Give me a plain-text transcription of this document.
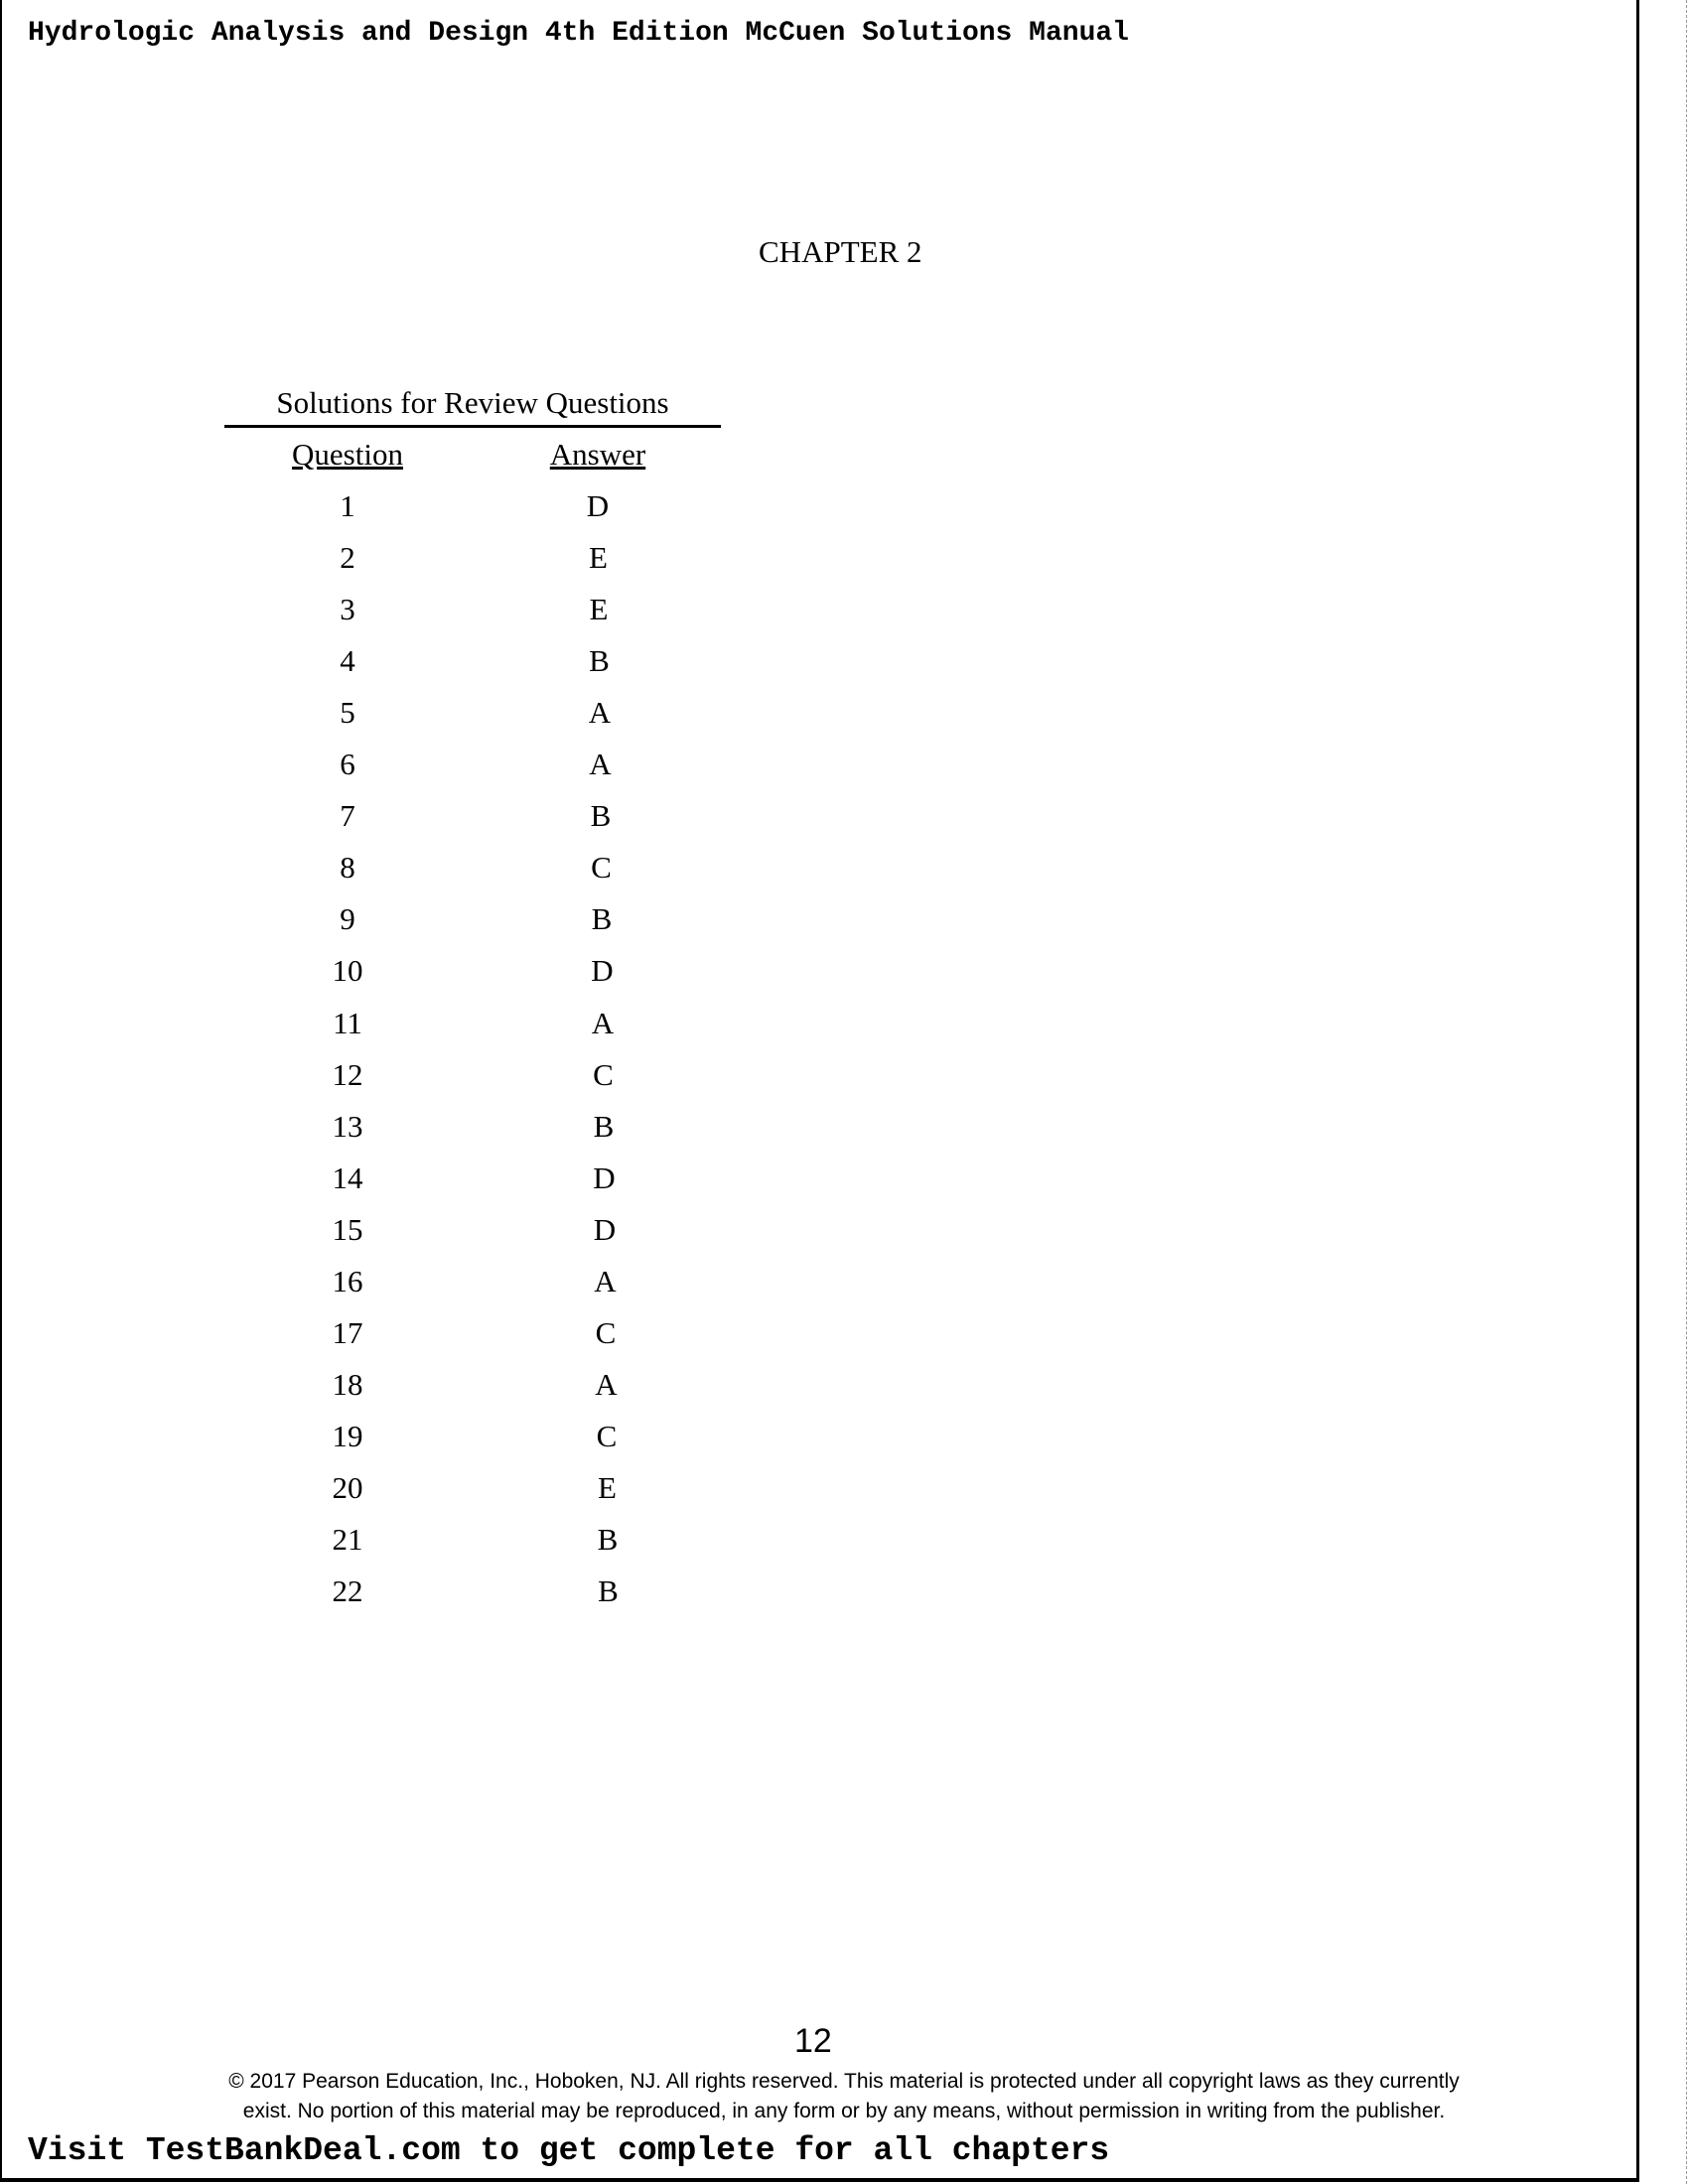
Hydrologic Analysis and Design 4th Edition McCuen Solutions Manual
CHAPTER 2
Solutions for Review Questions
Question	Answer
1	D
2	E
3	E
4	B
5	A
6	A
7	B
8	C
9	B
10	D
11	A
12	C
13	B
14	D
15	D
16	A
17	C
18	A
19	C
20	E
21	B
22	B
12
© 2017 Pearson Education, Inc., Hoboken, NJ. All rights reserved. This material is protected under all copyright laws as they currently
exist. No portion of this material may be reproduced, in any form or by any means, without permission in writing from the publisher.
Visit TestBankDeal.com to get complete for all chapters
